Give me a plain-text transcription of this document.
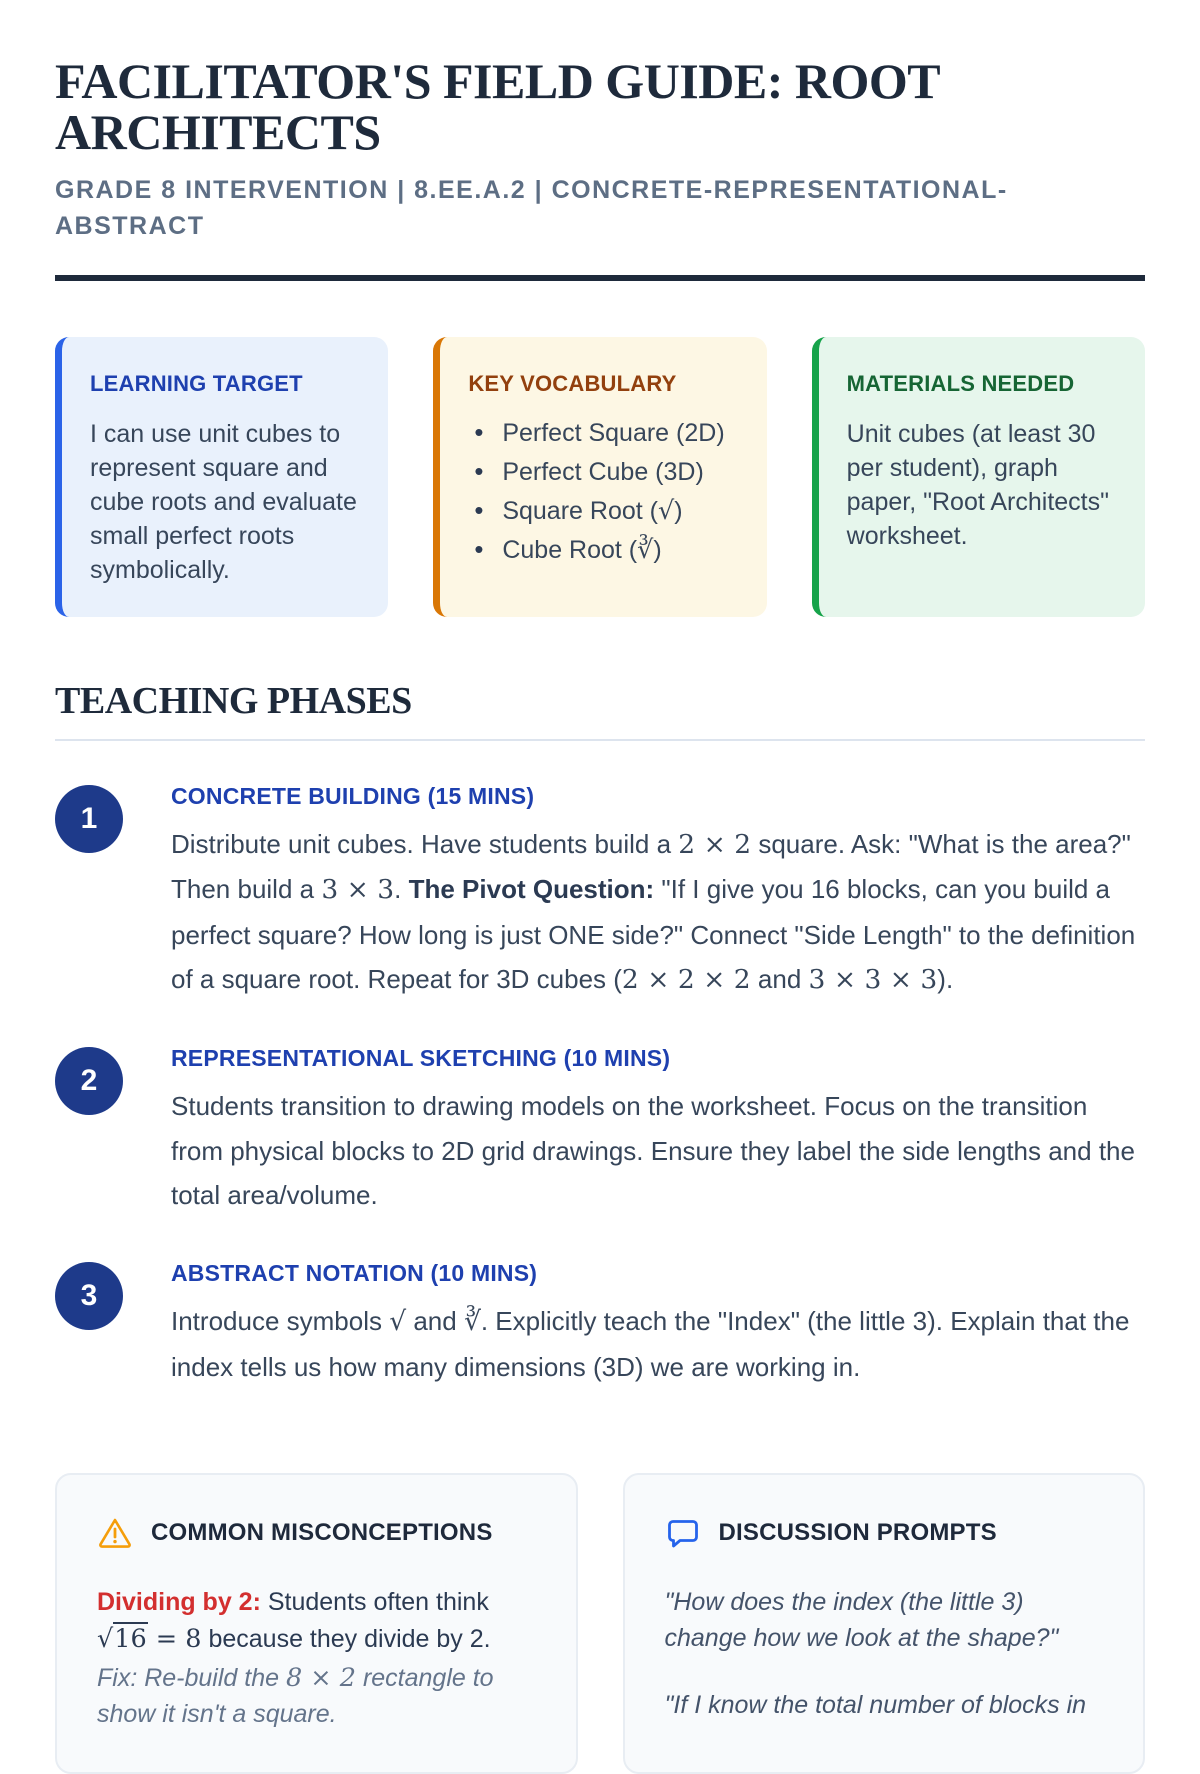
FACILITATOR'S FIELD GUIDE: ROOT ARCHITECTS
GRADE 8 INTERVENTION | 8.EE.A.2 | CONCRETE-REPRESENTATIONAL-ABSTRACT
LEARNING TARGET
I can use unit cubes to represent square and cube roots and evaluate small perfect roots symbolically.
KEY VOCABULARY
• Perfect Square (2D)
• Perfect Cube (3D)
• Square Root (√)
• Cube Root (∛)
MATERIALS NEEDED
Unit cubes (at least 30 per student), graph paper, "Root Architects" worksheet.
TEACHING PHASES
1
CONCRETE BUILDING (15 MINS)
Distribute unit cubes. Have students build a 2 × 2 square. Ask: "What is the area?" Then build a 3 × 3. The Pivot Question: "If I give you 16 blocks, can you build a perfect square? How long is just ONE side?" Connect "Side Length" to the definition of a square root. Repeat for 3D cubes (2 × 2 × 2 and 3 × 3 × 3).
2
REPRESENTATIONAL SKETCHING (10 MINS)
Students transition to drawing models on the worksheet. Focus on the transition from physical blocks to 2D grid drawings. Ensure they label the side lengths and the total area/volume.
3
ABSTRACT NOTATION (10 MINS)
Introduce symbols √ and ∛. Explicitly teach the "Index" (the little 3). Explain that the index tells us how many dimensions (3D) we are working in.
COMMON MISCONCEPTIONS
Dividing by 2: Students often think √16 = 8 because they divide by 2.
Fix: Re-build the 8 × 2 rectangle to show it isn't a square.
DISCUSSION PROMPTS
"How does the index (the little 3) change how we look at the shape?"
"If I know the total number of blocks in
